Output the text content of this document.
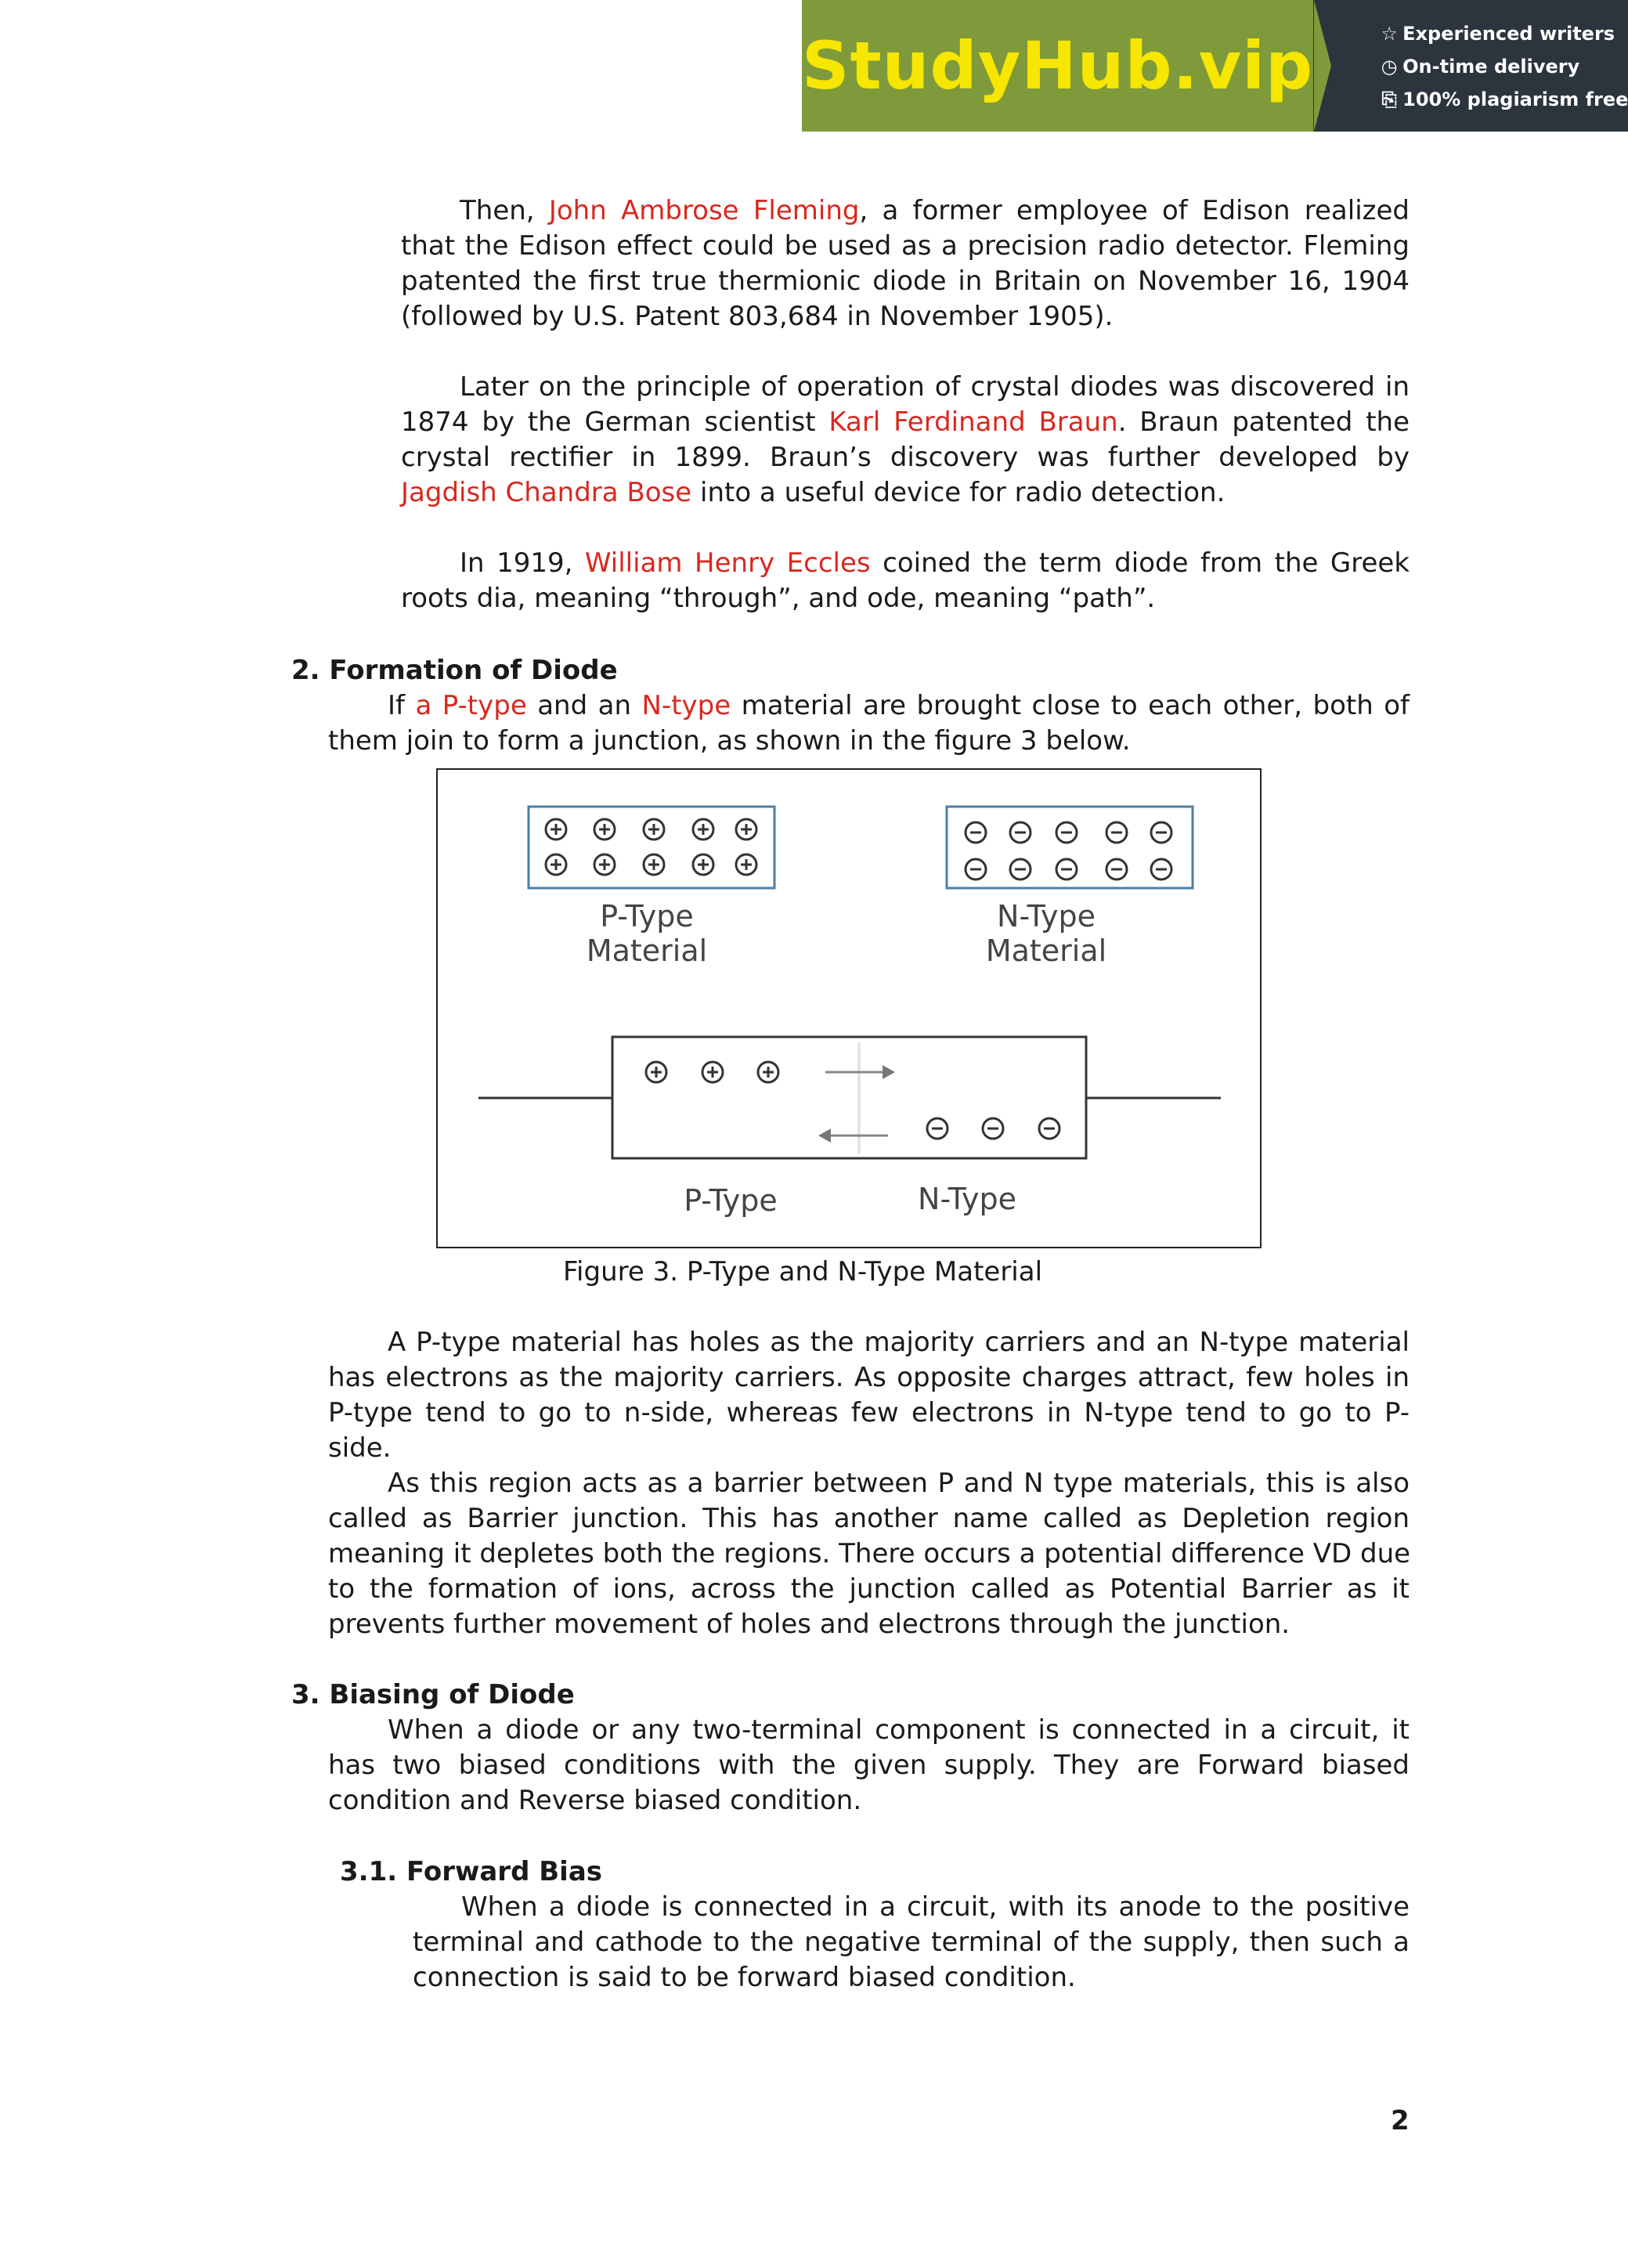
StudyHub.vip	☆ Experienced writers
◷ On-time delivery
⎘ 100% plagiarism free
Then, John Ambrose Fleming, a former employee of Edison realized
that the Edison effect could be used as a precision radio detector. Fleming
patented the first true thermionic diode in Britain on November 16, 1904
(followed by U.S. Patent 803,684 in November 1905).
Later on the principle of operation of crystal diodes was discovered in
1874 by the German scientist Karl Ferdinand Braun. Braun patented the
crystal rectifier in 1899. Braun’s discovery was further developed by
Jagdish Chandra Bose into a useful device for radio detection.
In 1919, William Henry Eccles coined the term diode from the Greek
roots dia, meaning “through”, and ode, meaning “path”.
2. Formation of Diode
If a P-type and an N-type material are brought close to each other, both of
them join to form a junction, as shown in the figure 3 below.
P-Type
Material
N-Type
Material
P-Type	N-Type
Figure 3. P-Type and N-Type Material
A P-type material has holes as the majority carriers and an N-type material
has electrons as the majority carriers. As opposite charges attract, few holes in
P-type tend to go to n-side, whereas few electrons in N-type tend to go to P-
side.
As this region acts as a barrier between P and N type materials, this is also
called as Barrier junction. This has another name called as Depletion region
meaning it depletes both the regions. There occurs a potential difference VD due
to the formation of ions, across the junction called as Potential Barrier as it
prevents further movement of holes and electrons through the junction.
3. Biasing of Diode
When a diode or any two-terminal component is connected in a circuit, it
has two biased conditions with the given supply. They are Forward biased
condition and Reverse biased condition.
3.1. Forward Bias
When a diode is connected in a circuit, with its anode to the positive
terminal and cathode to the negative terminal of the supply, then such a
connection is said to be forward biased condition.
2
